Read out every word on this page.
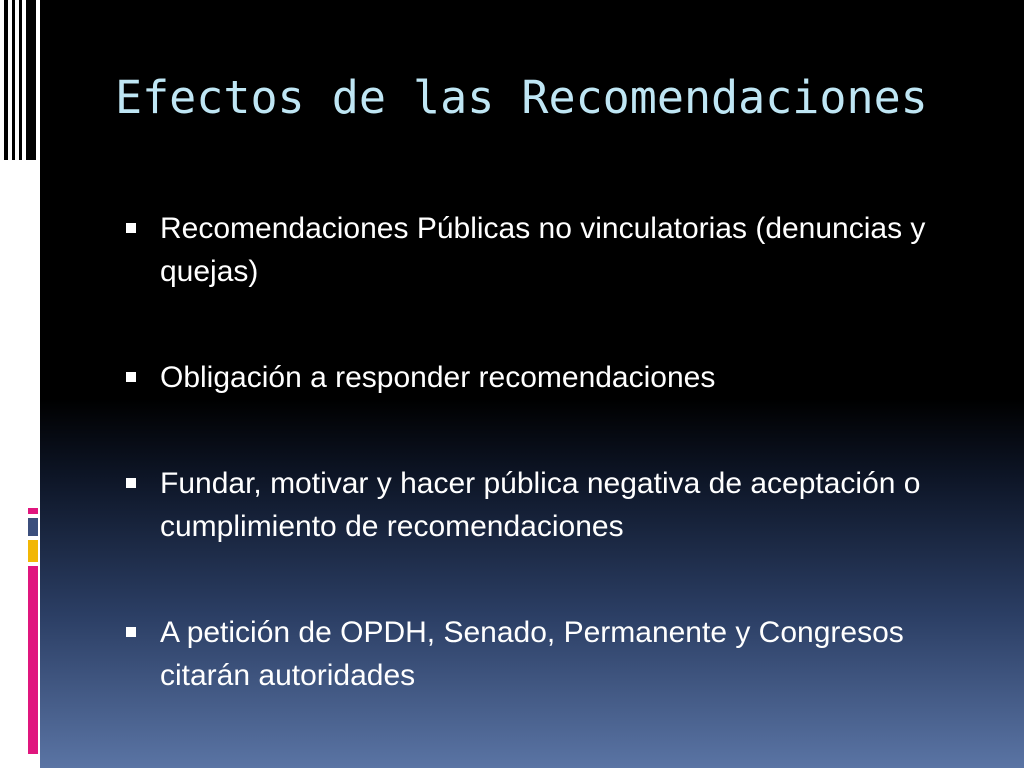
Efectos de las Recomendaciones
Recomendaciones Públicas no vinculatorias (denuncias y quejas)
Obligación a responder recomendaciones
Fundar, motivar y hacer pública negativa de aceptación o cumplimiento de recomendaciones
A petición de OPDH, Senado, Permanente y Congresos citarán autoridades
